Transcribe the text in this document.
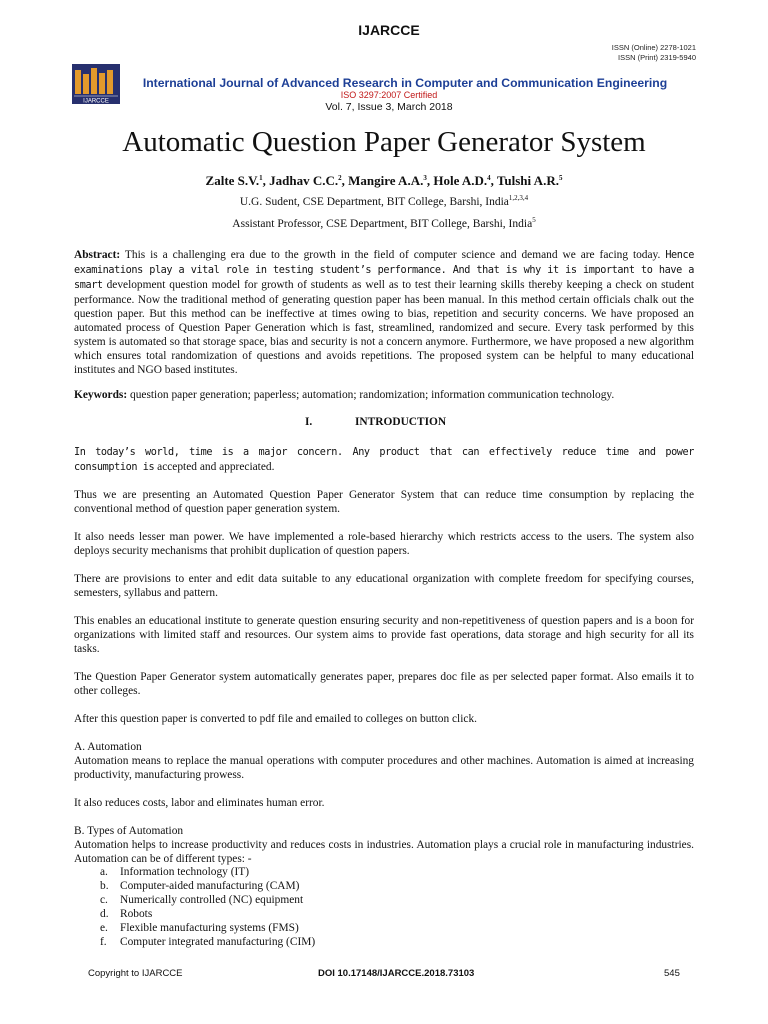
ISSN (Online) 2278-1021
ISSN (Print) 2319-5940
IJARCCE
IJARCCE
International Journal of Advanced Research in Computer and Communication Engineering
ISO 3297:2007 Certified
Vol. 7, Issue 3, March 2018
Automatic Question Paper Generator System
Zalte S.V.$^1$, Jadhav C.C.$^2$, Mangire A.A.$^3$, Hole A.D.$^4$, Tulshi A.R.$^5$
U.G. Sudent, CSE Department, BIT College, Barshi, India$^{1,2,3,4}$
Assistant Professor, CSE Department, BIT College, Barshi, India$^5$
Abstract: This is a challenging era due to the growth in the field of computer science and demand we are facing today. Hence examinations play a vital role in testing student’s performance. And that is why it is important to have a smart development question model for growth of students as well as to test their learning skills thereby keeping a check on student performance. Now the traditional method of generating question paper has been manual. In this method certain officials chalk out the question paper. But this method can be ineffective at times owing to bias, repetition and security concerns. We have proposed an automated process of Question Paper Generation which is fast, streamlined, randomized and secure. Every task performed by this system is automated so that storage space, bias and security is not a concern anymore. Furthermore, we have proposed a new algorithm which ensures total randomization of questions and avoids repetitions. The proposed system can be helpful to many educational institutes and NGO based institutes.
Keywords: question paper generation; paperless; automation; randomization; information communication technology.
I.	INTRODUCTION
In today’s world, time is a major concern. Any product that can effectively reduce time and power consumption is accepted and appreciated.

Thus we are presenting an Automated Question Paper Generator System that can reduce time consumption by replacing the conventional method of question paper generation system.

It also needs lesser man power. We have implemented a role-based hierarchy which restricts access to the users. The system also deploys security mechanisms that prohibit duplication of question papers.

There are provisions to enter and edit data suitable to any educational organization with complete freedom for specifying courses, semesters, syllabus and pattern.

This enables an educational institute to generate question ensuring security and non-repetitiveness of question papers and is a boon for organizations with limited staff and resources. Our system aims to provide fast operations, data storage and high security for all its tasks.

The Question Paper Generator system automatically generates paper, prepares doc file as per selected paper format. Also emails it to other colleges.

After this question paper is converted to pdf file and emailed to colleges on button click.

A. Automation

Automation means to replace the manual operations with computer procedures and other machines. Automation is aimed at increasing productivity, manufacturing prowess.

It also reduces costs, labor and eliminates human error.

B. Types of Automation

Automation helps to increase productivity and reduces costs in industries. Automation plays a crucial role in manufacturing industries. Automation can be of different types: -

a. Information technology (IT)
b. Computer-aided manufacturing (CAM)
c. Numerically controlled (NC) equipment
d. Robots
e. Flexible manufacturing systems (FMS)
f. Computer integrated manufacturing (CIM)
Copyright to IJARCCE	DOI 10.17148/IJARCCE.2018.73103	545
